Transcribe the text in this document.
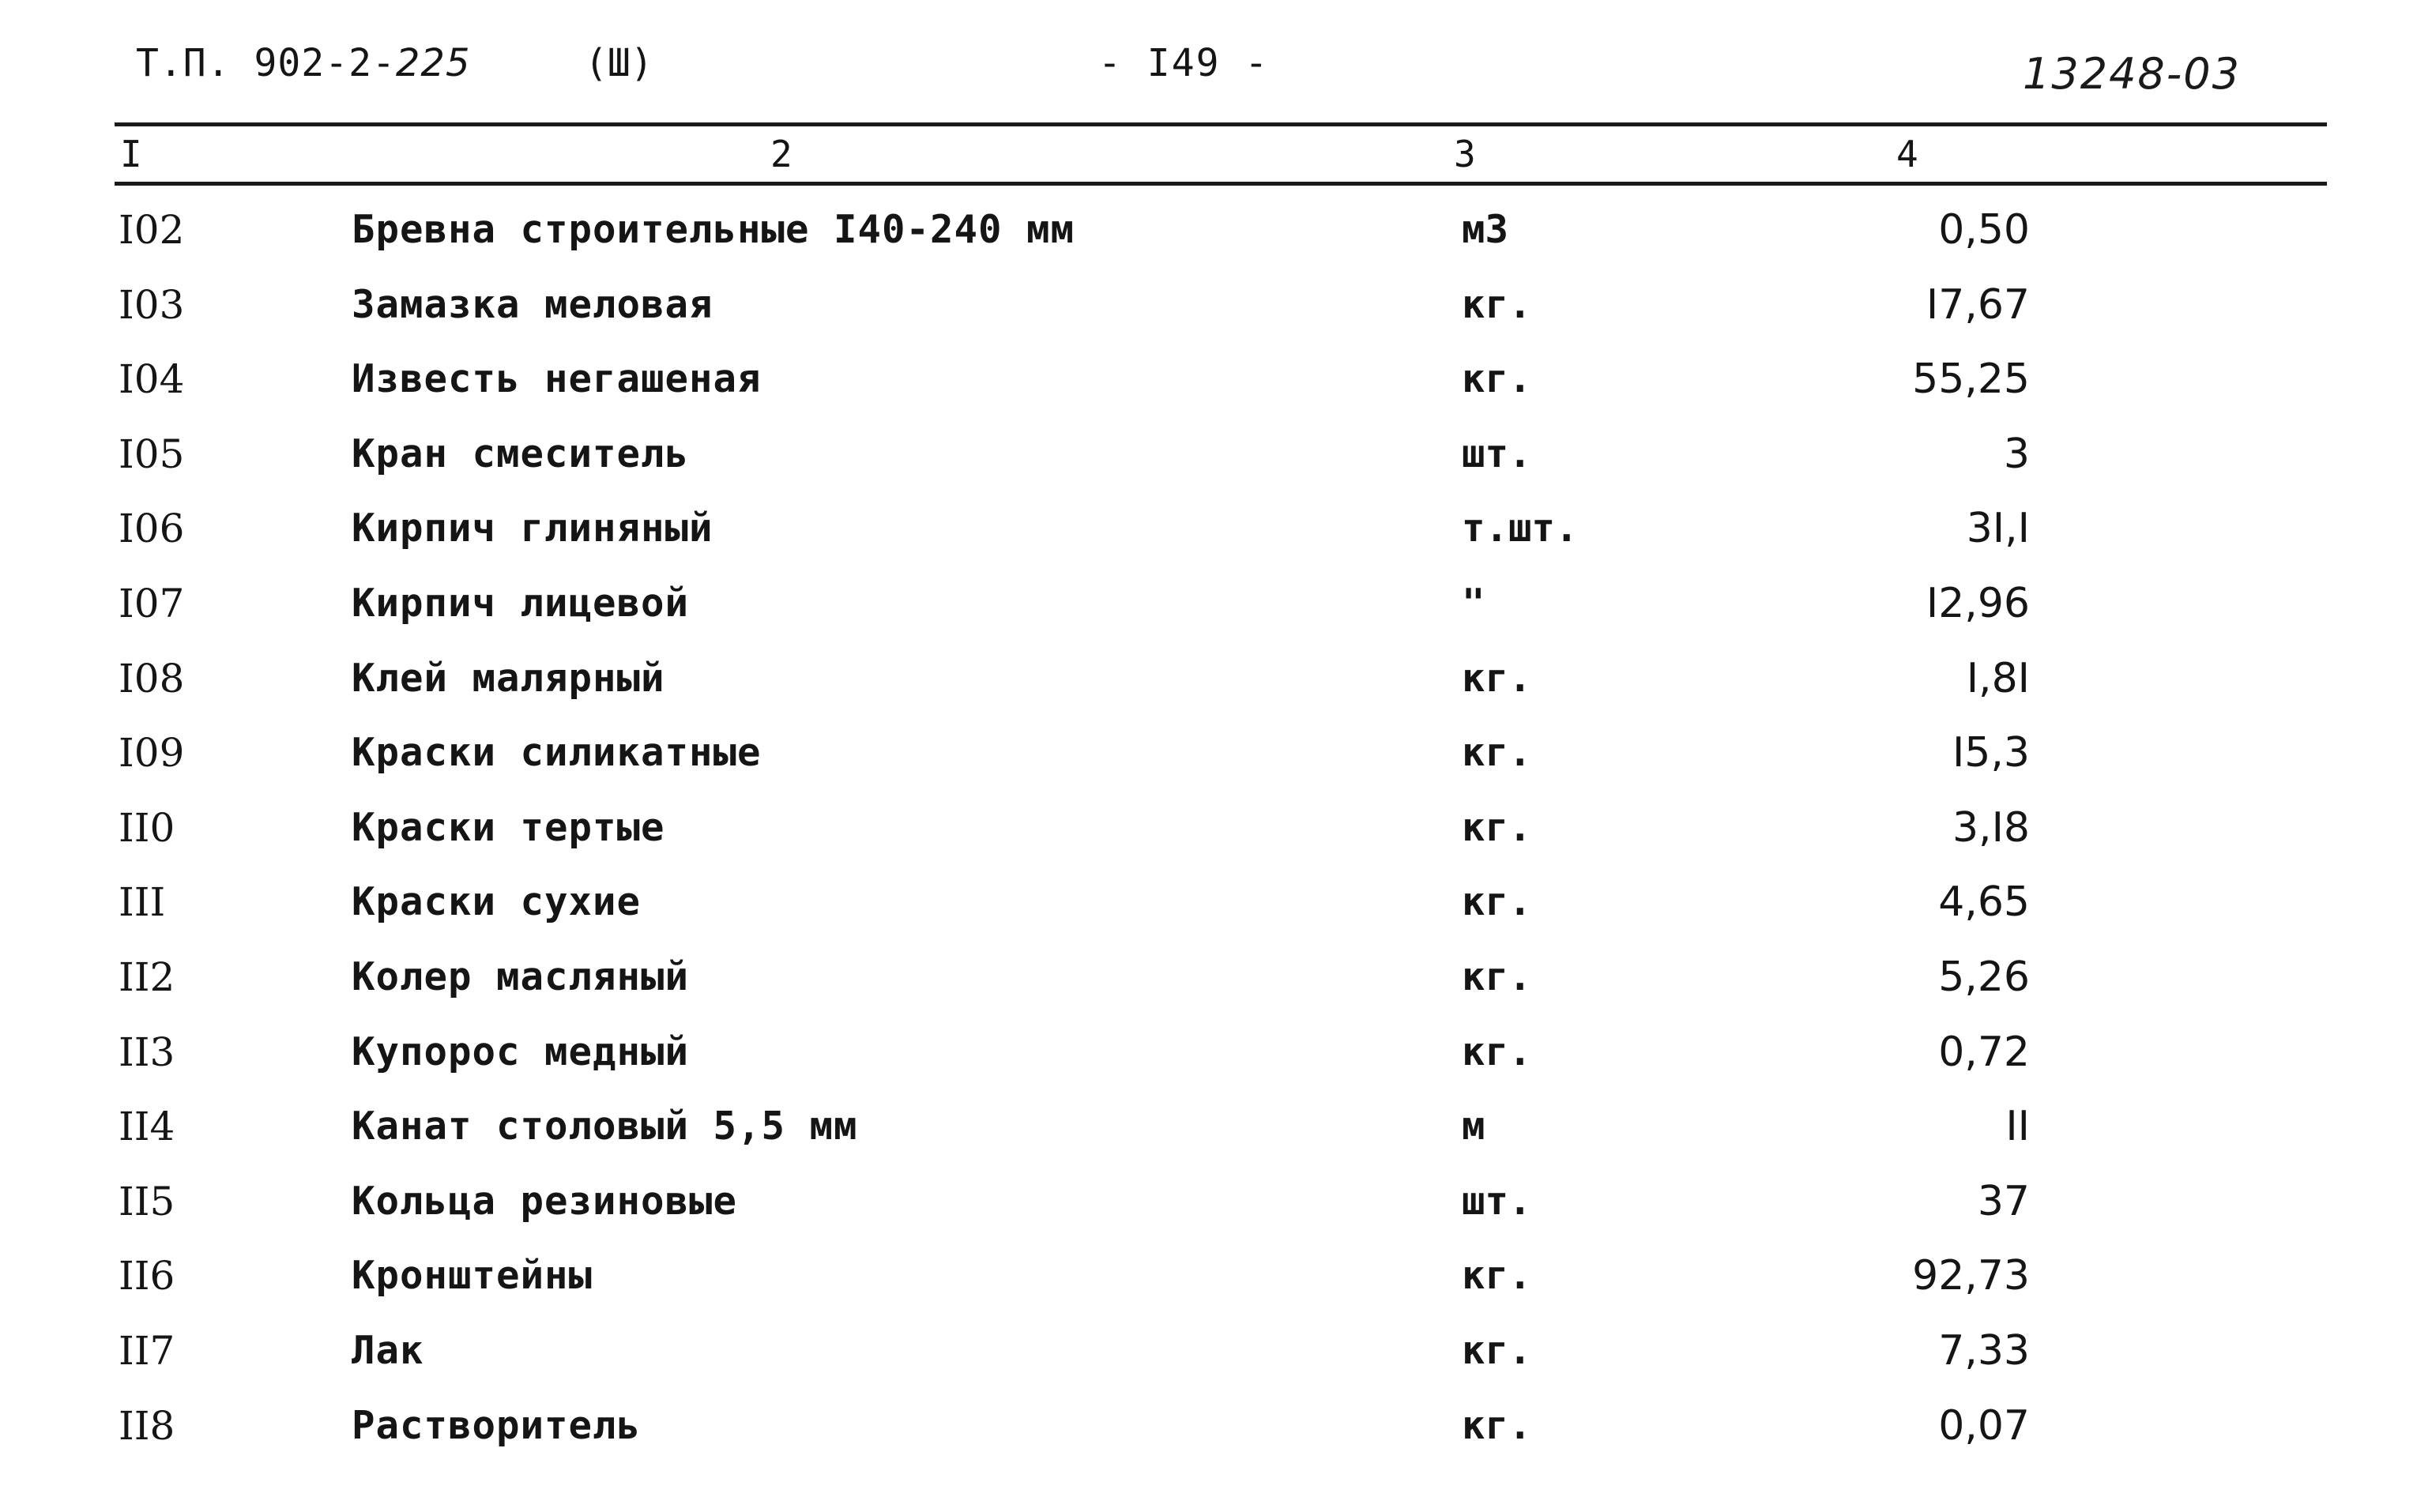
Т.П. 902-2-225	(Ш)	- I49 -	13248-03
I	2	3	4
I02	Бревна строительные I40-240 мм	м3	0,50
I03	Замазка меловая	кг.	I7,67
I04	Известь негашеная	кг.	55,25
I05	Кран смеситель	шт.	3
I06	Кирпич глиняный	т.шт.	3I,I
I07	Кирпич лицевой	"	I2,96
I08	Клей малярный	кг.	I,8I
I09	Краски силикатные	кг.	I5,3
II0	Краски тертые	кг.	3,I8
III	Краски сухие	кг.	4,65
II2	Колер масляный	кг.	5,26
II3	Купорос медный	кг.	0,72
II4	Канат столовый 5,5 мм	м	II
II5	Кольца резиновые	шт.	37
II6	Кронштейны	кг.	92,73
II7	Лак	кг.	7,33
II8	Растворитель	кг.	0,07
